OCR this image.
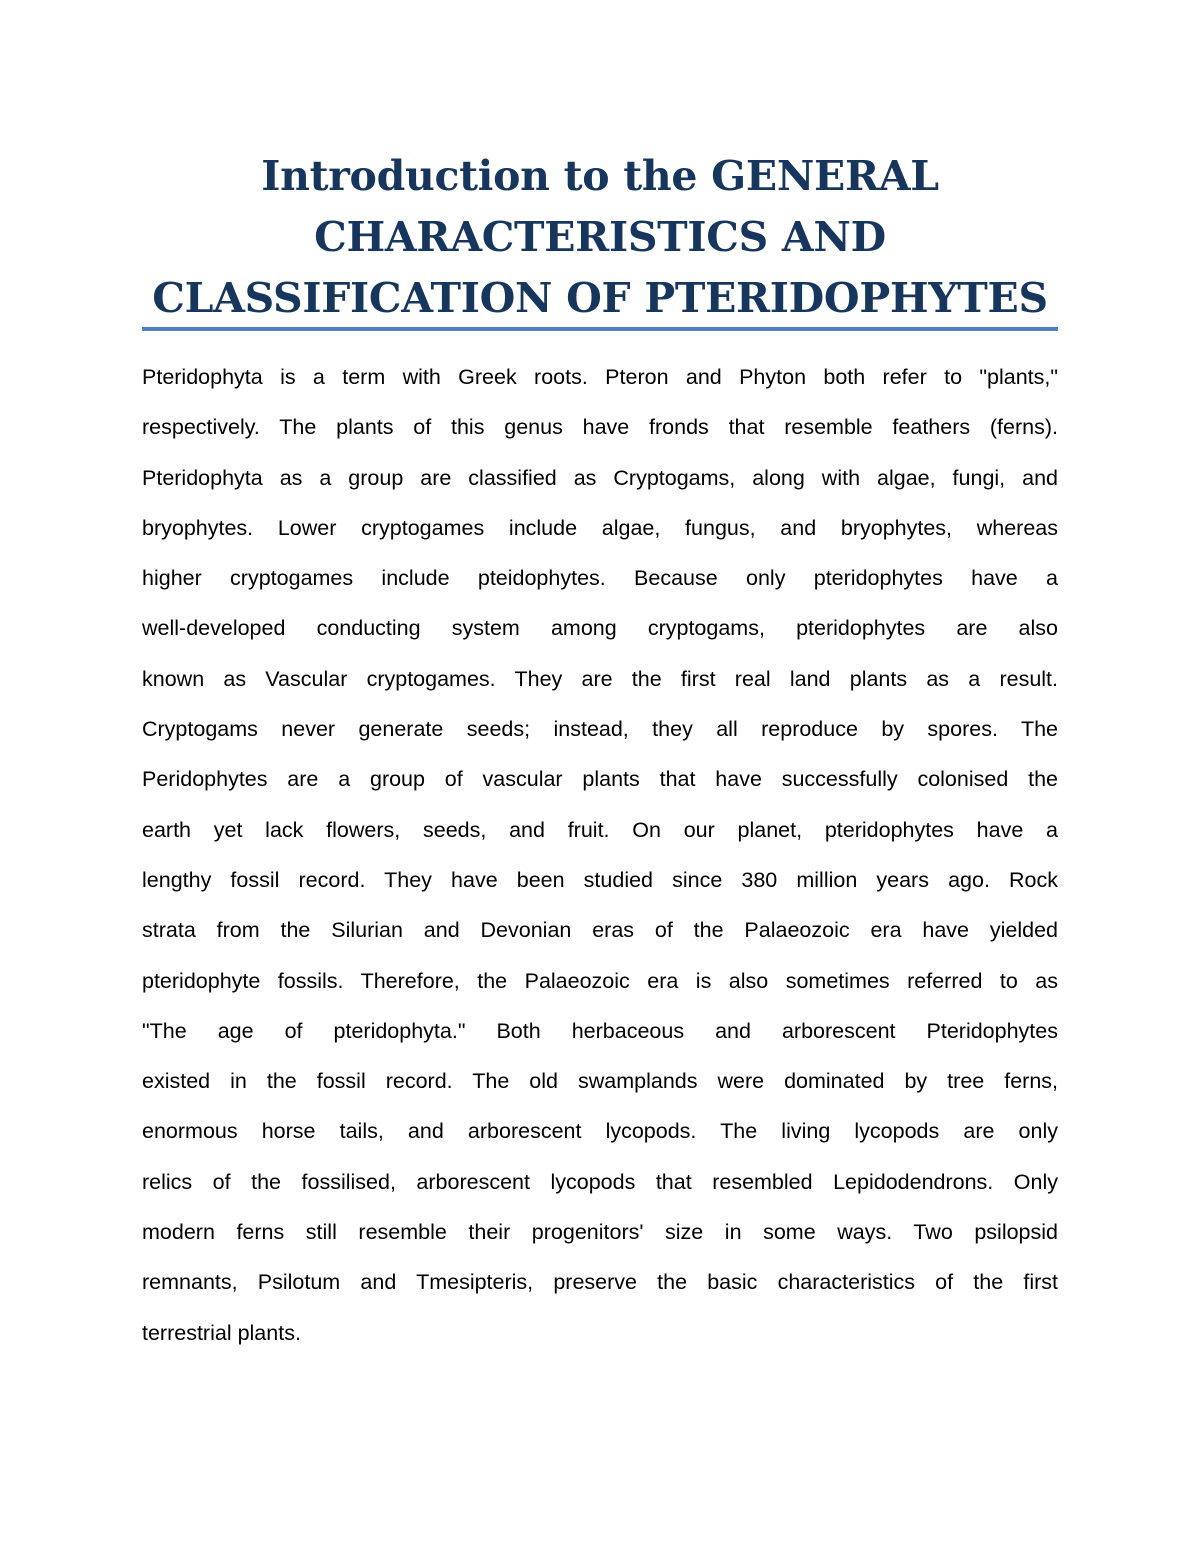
Introduction to the GENERAL
CHARACTERISTICS AND
CLASSIFICATION OF PTERIDOPHYTES
Pteridophyta is a term with Greek roots. Pteron and Phyton both refer to "plants,"
respectively. The plants of this genus have fronds that resemble feathers (ferns).
Pteridophyta as a group are classified as Cryptogams, along with algae, fungi, and
bryophytes. Lower cryptogames include algae, fungus, and bryophytes, whereas
higher cryptogames include pteidophytes. Because only pteridophytes have a
well-developed conducting system among cryptogams, pteridophytes are also
known as Vascular cryptogames. They are the first real land plants as a result.
Cryptogams never generate seeds; instead, they all reproduce by spores. The
Peridophytes are a group of vascular plants that have successfully colonised the
earth yet lack flowers, seeds, and fruit. On our planet, pteridophytes have a
lengthy fossil record. They have been studied since 380 million years ago. Rock
strata from the Silurian and Devonian eras of the Palaeozoic era have yielded
pteridophyte fossils. Therefore, the Palaeozoic era is also sometimes referred to as
"The age of pteridophyta." Both herbaceous and arborescent Pteridophytes
existed in the fossil record. The old swamplands were dominated by tree ferns,
enormous horse tails, and arborescent lycopods. The living lycopods are only
relics of the fossilised, arborescent lycopods that resembled Lepidodendrons. Only
modern ferns still resemble their progenitors' size in some ways. Two psilopsid
remnants, Psilotum and Tmesipteris, preserve the basic characteristics of the first
terrestrial plants.
